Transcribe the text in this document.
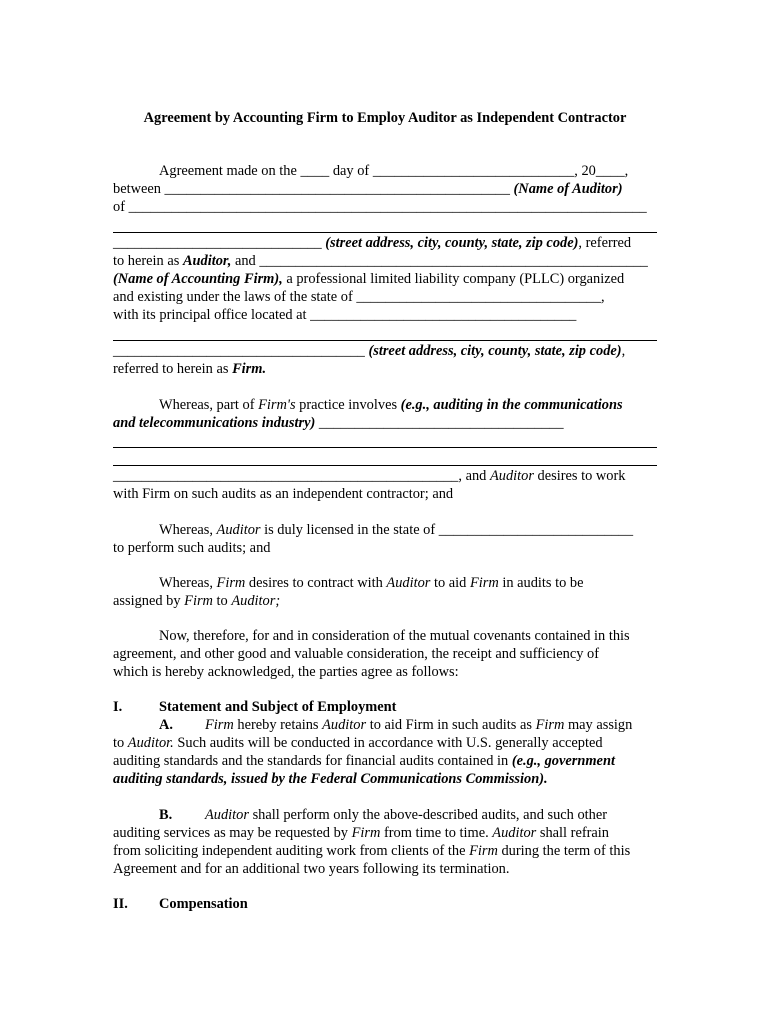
Agreement by Accounting Firm to Employ Auditor as Independent Contractor
Agreement made on the ____ day of ____________________________, 20____,
between ________________________________________________ (Name of Auditor)
of ________________________________________________________________________
_____________________________ (street address, city, county, state, zip code), referred
to herein as Auditor, and ______________________________________________________
(Name of Accounting Firm), a professional limited liability company (PLLC) organized
and existing under the laws of the state of __________________________________,
with its principal office located at _____________________________________
___________________________________ (street address, city, county, state, zip code),
referred to herein as Firm.
Whereas, part of Firm's practice involves (e.g., auditing in the communications
and telecommunications industry) __________________________________
________________________________________________, and Auditor desires to work
with Firm on such audits as an independent contractor; and
Whereas, Auditor is duly licensed in the state of ___________________________
to perform such audits; and
Whereas, Firm desires to contract with Auditor to aid Firm in audits to be
assigned by Firm to Auditor;
Now, therefore, for and in consideration of the mutual covenants contained in this
agreement, and other good and valuable consideration, the receipt and sufficiency of
which is hereby acknowledged, the parties agree as follows:
I.	Statement and Subject of Employment
A. Firm hereby retains Auditor to aid Firm in such audits as Firm may assign
to Auditor. Such audits will be conducted in accordance with U.S. generally accepted
auditing standards and the standards for financial audits contained in (e.g., government
auditing standards, issued by the Federal Communications Commission).
B. Auditor shall perform only the above-described audits, and such other
auditing services as may be requested by Firm from time to time. Auditor shall refrain
from soliciting independent auditing work from clients of the Firm during the term of this
Agreement and for an additional two years following its termination.
II. Compensation
